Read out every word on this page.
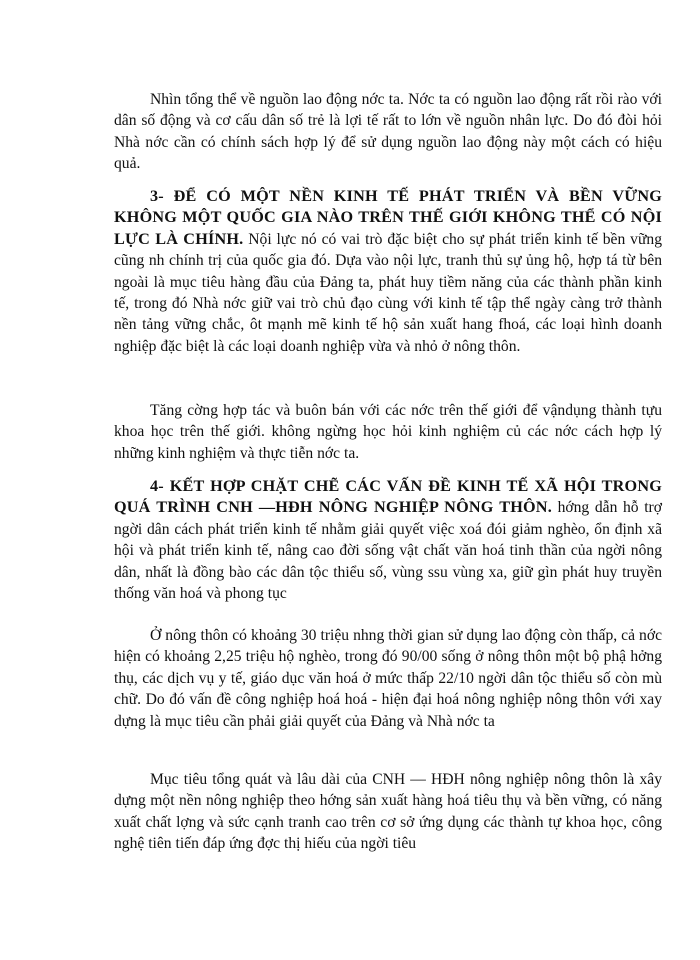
Nhìn tổng thể về nguồn lao động nớc ta. Nớc ta có nguồn lao động rất rồi rào với dân số động và cơ cấu dân số trẻ là lợi tế rất to lớn về nguồn nhân lực. Do đó đòi hỏi Nhà nớc cần có chính sách hợp lý để sử dụng nguồn lao động này một cách có hiệu quả.

3- ĐỂ CÓ MỘT NỀN KINH TẾ PHÁT TRIỂN VÀ BỀN VỮNG KHÔNG MỘT QUỐC GIA NÀO TRÊN THẾ GIỚI KHÔNG THỂ CÓ NỘI LỰC LÀ CHÍNH. Nội lực nó có vai trò đặc biệt cho sự phát triển kinh tế bền vững cũng nh chính trị của quốc gia đó. Dựa vào nội lực, tranh thủ sự ủng hộ, hợp tá từ bên ngoài là mục tiêu hàng đầu của Đảng ta, phát huy tiềm năng của các thành phần kinh tế, trong đó Nhà nớc giữ vai trò chủ đạo cùng với kinh tế tập thể ngày càng trở thành nền tảng vững chắc, ôt mạnh mẽ kinh tế hộ sản xuất hang fhoá, các loại hình doanh nghiệp đặc biệt là các loại doanh nghiệp vừa và nhỏ ở nông thôn.

Tăng cờng hợp tác và buôn bán với các nớc trên thế giới để vậndụng thành tựu khoa học trên thế giới. không ngừng học hỏi kinh nghiệm củ các nớc cách hợp lý những kinh nghiệm và thực tiễn nớc ta.

4- KẾT HỢP CHẶT CHẼ CÁC VẤN ĐỀ KINH TẾ XÃ HỘI TRONG QUÁ TRÌNH CNH —HĐH NÔNG NGHIỆP NÔNG THÔN. hớng dẫn hỗ trợ ngời dân cách phát triển kinh tế nhằm giải quyết việc xoá đói giảm nghèo, ổn định xã hội và phát triển kinh tế, nâng cao đời sống vật chất văn hoá tinh thần của ngời nông dân, nhất là đồng bào các dân tộc thiểu số, vùng ssu vùng xa, giữ gìn phát huy truyền thống văn hoá và phong tục

Ở nông thôn có khoảng 30 triệu nhng thời gian sử dụng lao động còn thấp, cả nớc hiện có khoảng 2,25 triệu hộ nghèo, trong đó 90/00 sống ở nông thôn một bộ phậ hởng thụ, các dịch vụ y tế, giáo dục văn hoá ở mức thấp 22/10 ngời dân tộc thiểu số còn mù chữ. Do đó vấn đề công nghiệp hoá hoá - hiện đại hoá nông nghiệp nông thôn với xay dựng là mục tiêu cần phải giải quyết của Đảng và Nhà nớc ta

Mục tiêu tổng quát và lâu dài của CNH — HĐH nông nghiệp nông thôn là xây dựng một nền nông nghiệp theo hớng sản xuất hàng hoá tiêu thụ và bền vững, có năng xuất chất lợng và sức cạnh tranh cao trên cơ sở ứng dụng các thành tự khoa học, công nghệ tiên tiến đáp ứng đợc thị hiếu của ngời tiêu
